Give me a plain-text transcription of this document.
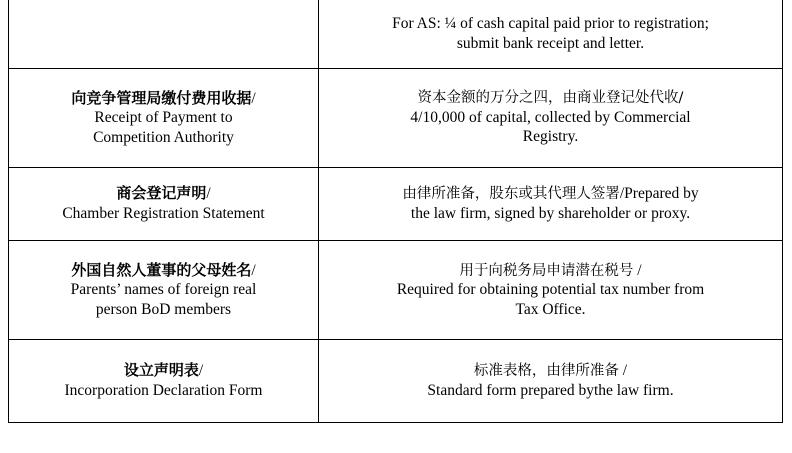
	For AS: ¼ of cash capital paid prior to registration;
submit bank receipt and letter.

向竞争管理局缴付费用收据/
Receipt of Payment to
Competition Authority	资本金额的万分之四，由商业登记处代收/
4/10,000 of capital, collected by Commercial
Registry.

商会登记声明/
Chamber Registration Statement	由律所准备，股东或其代理人签署/Prepared by
the law firm, signed by shareholder or proxy.

外国自然人董事的父母姓名/
Parents’ names of foreign real
person BoD members	用于向税务局申请潜在税号 /
Required for obtaining potential tax number from
Tax Office.

设立声明表/
Incorporation Declaration Form	标准表格，由律所准备 /
Standard form prepared bythe law firm.
